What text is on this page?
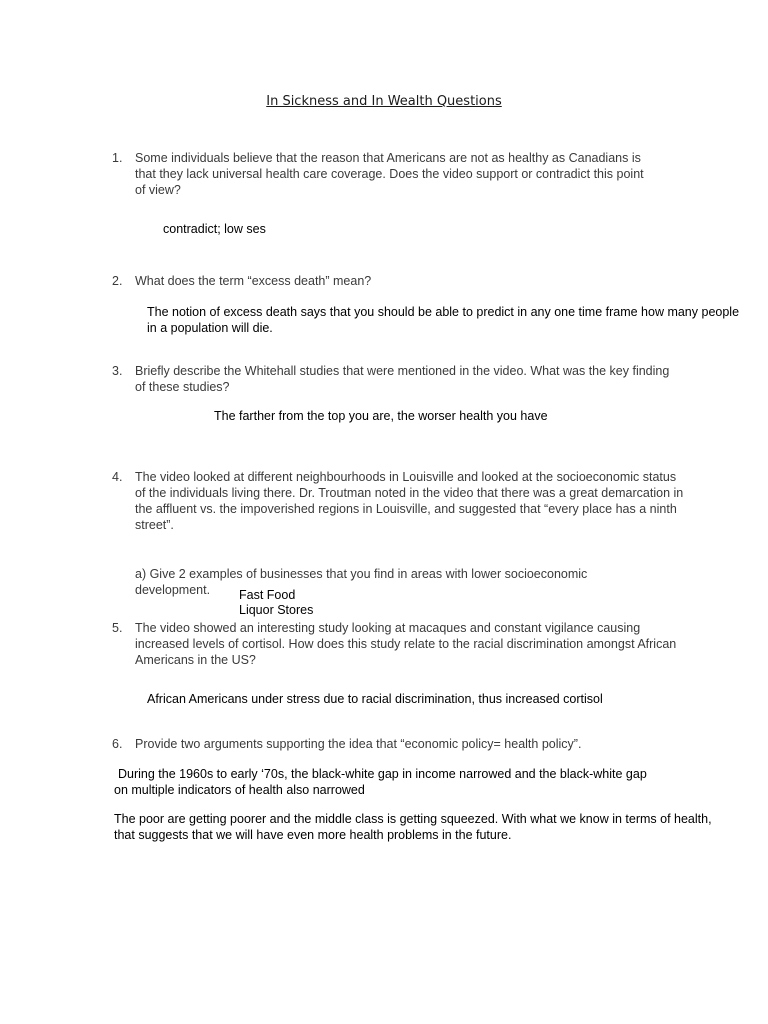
In Sickness and In Wealth Questions
1.	Some individuals believe that the reason that Americans are not as healthy as Canadians is that they lack universal health care coverage. Does the video support or contradict this point of view?
contradict; low ses
2.	What does the term “excess death” mean?
The notion of excess death says that you should be able to predict in any one time frame how many people in a population will die.
3.	Briefly describe the Whitehall studies that were mentioned in the video. What was the key finding of these studies?
The farther from the top you are, the worser health you have
4.	The video looked at different neighbourhoods in Louisville and looked at the socioeconomic status of the individuals living there. Dr. Troutman noted in the video that there was a great demarcation in the affluent vs. the impoverished regions in Louisville, and suggested that “every place has a ninth street”.
a) Give 2 examples of businesses that you find in areas with lower socioeconomic development.	Fast Food
Liquor Stores
5.	The video showed an interesting study looking at macaques and constant vigilance causing increased levels of cortisol. How does this study relate to the racial discrimination amongst African Americans in the US?
African Americans under stress due to racial discrimination, thus increased cortisol
6.	Provide two arguments supporting the idea that “economic policy= health policy”.
During the 1960s to early ‘70s, the black-white gap in income narrowed and the black-white gap on multiple indicators of health also narrowed
The poor are getting poorer and the middle class is getting squeezed. With what we know in terms of health, that suggests that we will have even more health problems in the future.
